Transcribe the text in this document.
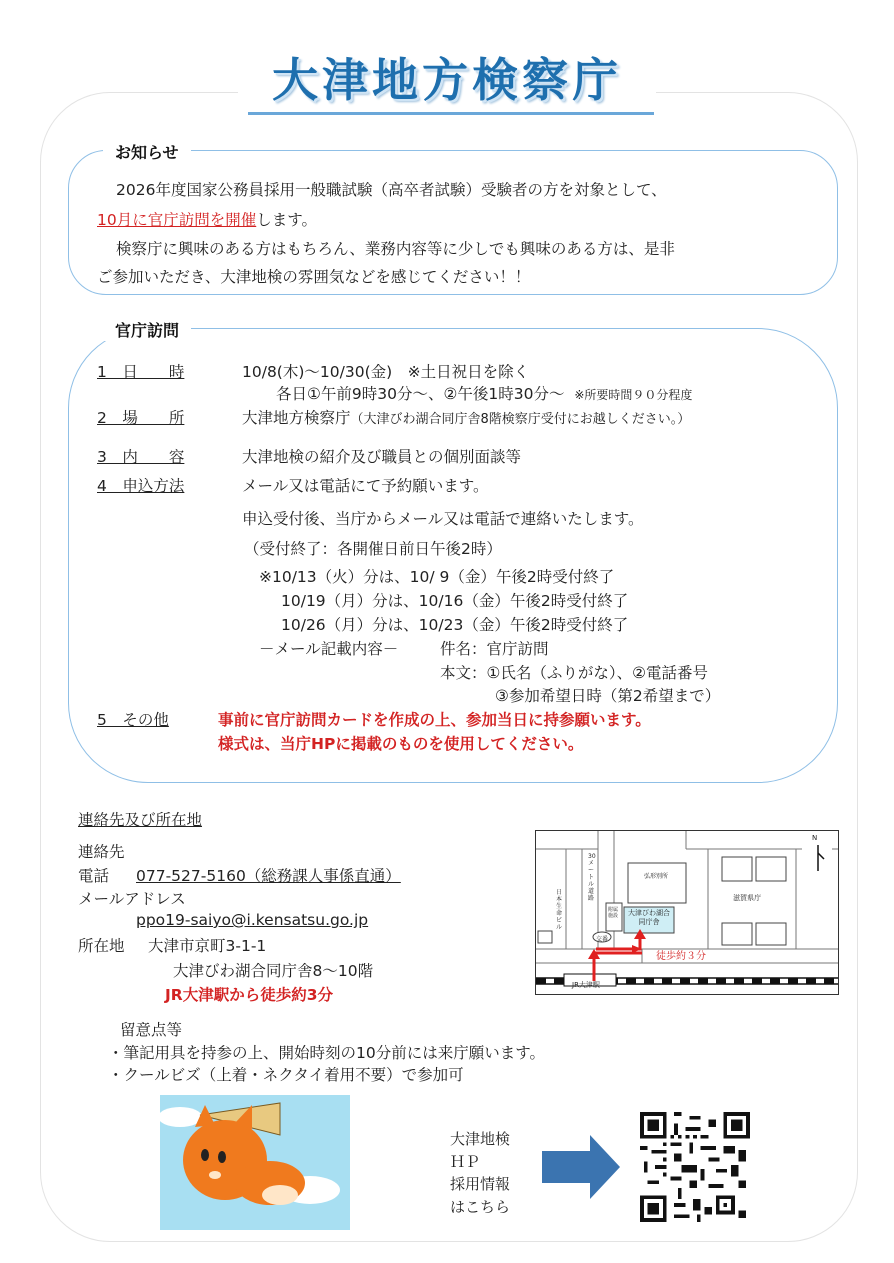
大津地方検察庁
お知らせ
2026年度国家公務員採用一般職試験（高卒者試験）受験者の方を対象として、
10月に官庁訪問を開催します。
検察庁に興味のある方はもちろん、業務内容等に少しでも興味のある方は、是非
ご参加いただき、大津地検の雰囲気などを感じてください！！
官庁訪問
1　日　　時	10/8(木)～10/30(金)　※土日祝日を除く
各日①午前9時30分～、②午後1時30分～ ※所要時間９０分程度
2　場　　所	大津地方検察庁（大津びわ湖合同庁舎8階検察庁受付にお越しください。）
3　内　　容	大津地検の紹介及び職員との個別面談等
4　申込方法	メール又は電話にて予約願います。
申込受付後、当庁からメール又は電話で連絡いたします。
（受付終了：各開催日前日午後2時）
※10/13（火）分は、10/ 9（金）午後2時受付終了
10/19（月）分は、10/16（金）午後2時受付終了
10/26（月）分は、10/23（金）午後2時受付終了
－メール記載内容－	件名：官庁訪問
本文：①氏名（ふりがな）、②電話番号
③参加希望日時（第2希望まで）
5　その他	事前に官庁訪問カードを作成の上、参加当日に持参願います。
様式は、当庁HPに掲載のものを使用してください。
連絡先及び所在地
連絡先
電話 077-527-5160（総務課人事係直通）
メールアドレス
ppo19-saiyo@i.kensatsu.go.jp
所在地 大津市京町3-1-1
大津びわ湖合同庁舎8～10階
JR大津駅から徒歩約3分
N
JR大津駅
大津びわ湖合同庁舎
徒歩約３分
滋賀県庁
30メートル道路
日本生命ビル
交番
弘形別所
附属施設
留意点等
・筆記用具を持参の上、開始時刻の10分前には来庁願います。
・クールビズ（上着・ネクタイ着用不要）で参加可
大津地検
ＨＰ
採用情報
はこちら
